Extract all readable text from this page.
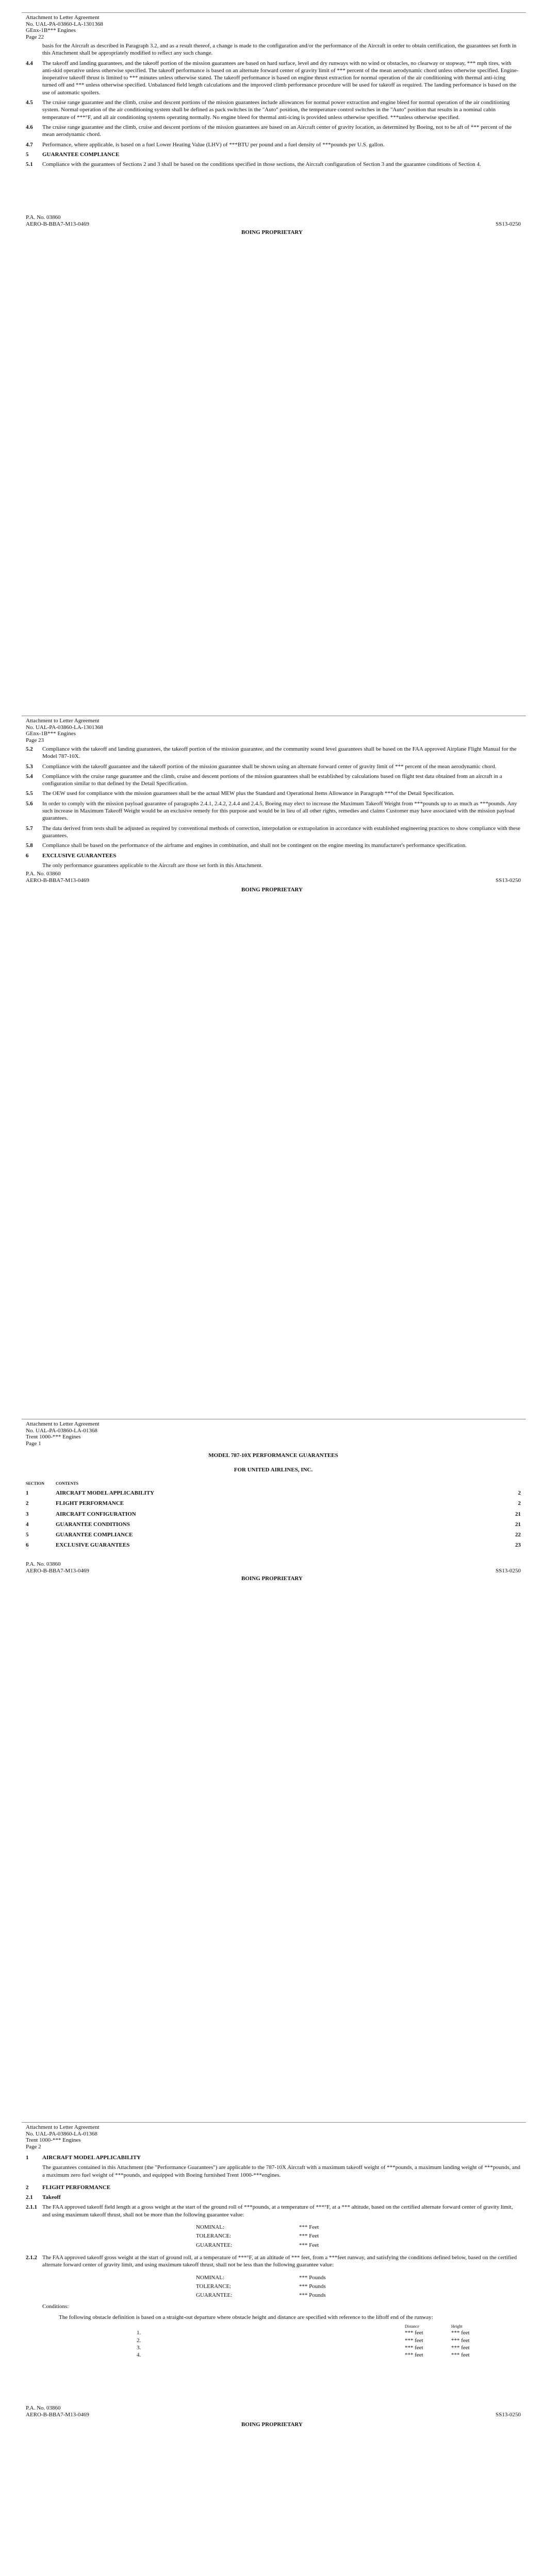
Attachment to Letter Agreement
No. UAL-PA-03860-LA-1301368
GEnx-1B*** Engines
Page 22
basis for the Aircraft as described in Paragraph 3.2, and as a result thereof, a change is made to the configuration and/or the performance of the Aircraft in order to obtain certification, the guarantees set forth in this Attachment shall be appropriately modified to reflect any such change.
4.4	The takeoff and landing guarantees, and the takeoff portion of the mission guarantees are based on hard surface, level and dry runways with no wind or obstacles, no clearway or stopway, *** mph tires, with anti-skid operative unless otherwise specified. The takeoff performance is based on an alternate forward center of gravity limit of *** percent of the mean aerodynamic chord unless otherwise specified. Engine-inoperative takeoff thrust is limited to *** minutes unless otherwise stated. The takeoff performance is based on engine thrust extraction for normal operation of the air conditioning with thermal anti-icing turned off and *** unless otherwise specified. Unbalanced field length calculations and the improved climb performance procedure will be used for takeoff as required. The landing performance is based on the use of automatic spoilers.
4.5	The cruise range guarantee and the climb, cruise and descent portions of the mission guarantees include allowances for normal power extraction and engine bleed for normal operation of the air conditioning system. Normal operation of the air conditioning system shall be defined as pack switches in the "Auto" position, the temperature control switches in the "Auto" position that results in a nominal cabin temperature of ***°F, and all air conditioning systems operating normally. No engine bleed for thermal anti-icing is provided unless otherwise specified. ***unless otherwise specified.
4.6	The cruise range guarantee and the climb, cruise and descent portions of the mission guarantees are based on an Aircraft center of gravity location, as determined by Boeing, not to be aft of *** percent of the mean aerodynamic chord.
4.7	Performance, where applicable, is based on a fuel Lower Heating Value (LHV) of ***BTU per pound and a fuel density of ***pounds per U.S. gallon.
5	GUARANTEE COMPLIANCE
5.1	Compliance with the guarantees of Sections 2 and 3 shall be based on the conditions specified in those sections, the Aircraft configuration of Section 3 and the guarantee conditions of Section 4.
P.A. No. 03860
AERO-B-BBA7-M13-0469	SS13-0250
BOING PROPRIETARY
Attachment to Letter Agreement
No. UAL-PA-03860-LA-1301368
GEnx-1B*** Engines
Page 23
5.2	Compliance with the takeoff and landing guarantees, the takeoff portion of the mission guarantee, and the community sound level guarantees shall be based on the FAA approved Airplane Flight Manual for the Model 787-10X.
5.3	Compliance with the takeoff guarantee and the takeoff portion of the mission guarantee shall be shown using an alternate forward center of gravity limit of *** percent of the mean aerodynamic chord.
5.4	Compliance with the cruise range guarantee and the climb, cruise and descent portions of the mission guarantees shall be established by calculations based on flight test data obtained from an aircraft in a configuration similar to that defined by the Detail Specification.
5.5	The OEW used for compliance with the mission guarantees shall be the actual MEW plus the Standard and Operational Items Allowance in Paragraph ***of the Detail Specification.
5.6	In order to comply with the mission payload guarantee of paragraphs 2.4.1, 2.4.2, 2.4.4 and 2.4.5, Boeing may elect to increase the Maximum Takeoff Weight from ***pounds up to as much as ***pounds. Any such increase in Maximum Takeoff Weight would be an exclusive remedy for this purpose and would be in lieu of all other rights, remedies and claims Customer may have associated with the mission payload guarantees.
5.7	The data derived from tests shall be adjusted as required by conventional methods of correction, interpolation or extrapolation in accordance with established engineering practices to show compliance with these guarantees.
5.8	Compliance shall be based on the performance of the airframe and engines in combination, and shall not be contingent on the engine meeting its manufacturer's performance specification.
6	EXCLUSIVE GUARANTEES
The only performance guarantees applicable to the Aircraft are those set forth in this Attachment.
P.A. No. 03860
AERO-B-BBA7-M13-0469	SS13-0250
BOING PROPRIETARY
Attachment to Letter Agreement
No. UAL-PA-03860-LA-01368
Trent 1000-*** Engines
Page 1
MODEL 787-10X PERFORMANCE GUARANTEES
FOR UNITED AIRLINES, INC.
SECTION	CONTENTS
1	AIRCRAFT MODEL APPLICABILITY	2
2	FLIGHT PERFORMANCE	2
3	AIRCRAFT CONFIGURATION	21
4	GUARANTEE CONDITIONS	21
5	GUARANTEE COMPLIANCE	22
6	EXCLUSIVE GUARANTEES	23
P.A. No. 03860
AERO-B-BBA7-M13-0469	SS13-0250
BOING PROPRIETARY
Attachment to Letter Agreement
No. UAL-PA-03860-LA-01368
Trent 1000-*** Engines
Page 2
1	AIRCRAFT MODEL APPLICABILITY
The guarantees contained in this Attachment (the "Performance Guarantees") are applicable to the 787-10X Aircraft with a maximum takeoff weight of ***pounds, a maximum landing weight of ***pounds, and a maximum zero fuel weight of ***pounds, and equipped with Boeing furnished Trent 1000-***engines.
2	FLIGHT PERFORMANCE
2.1	Takeoff
2.1.1 The FAA approved takeoff field length at a gross weight at the start of the ground roll of ***pounds, at a temperature of ***°F, at a *** altitude, based on the certified alternate forward center of gravity limit, and using maximum takeoff thrust, shall not be more than the following guarantee value:
NOMINAL:	*** Feet
TOLERANCE:	*** Feet
GUARANTEE:	*** Feet
2.1.2 The FAA approved takeoff gross weight at the start of ground roll, at a temperature of ***°F, at an altitude of *** feet, from a ***feet runway, and satisfying the conditions defined below, based on the certified alternate forward center of gravity limit, and using maximum takeoff thrust, shall not be less than the following guarantee value:
NOMINAL:	*** Pounds
TOLERANCE:	*** Pounds
GUARANTEE:	*** Pounds
Conditions:
The following obstacle definition is based on a straight-out departure where obstacle height and distance are specified with reference to the liftoff end of the runway:
Distance	Height
1.	*** feet	*** feet
2.	*** feet	*** feet
3.	*** feet	*** feet
4.	*** feet	*** feet
P.A. No. 03860
AERO-B-BBA7-M13-0469	SS13-0250
BOING PROPRIETARY
